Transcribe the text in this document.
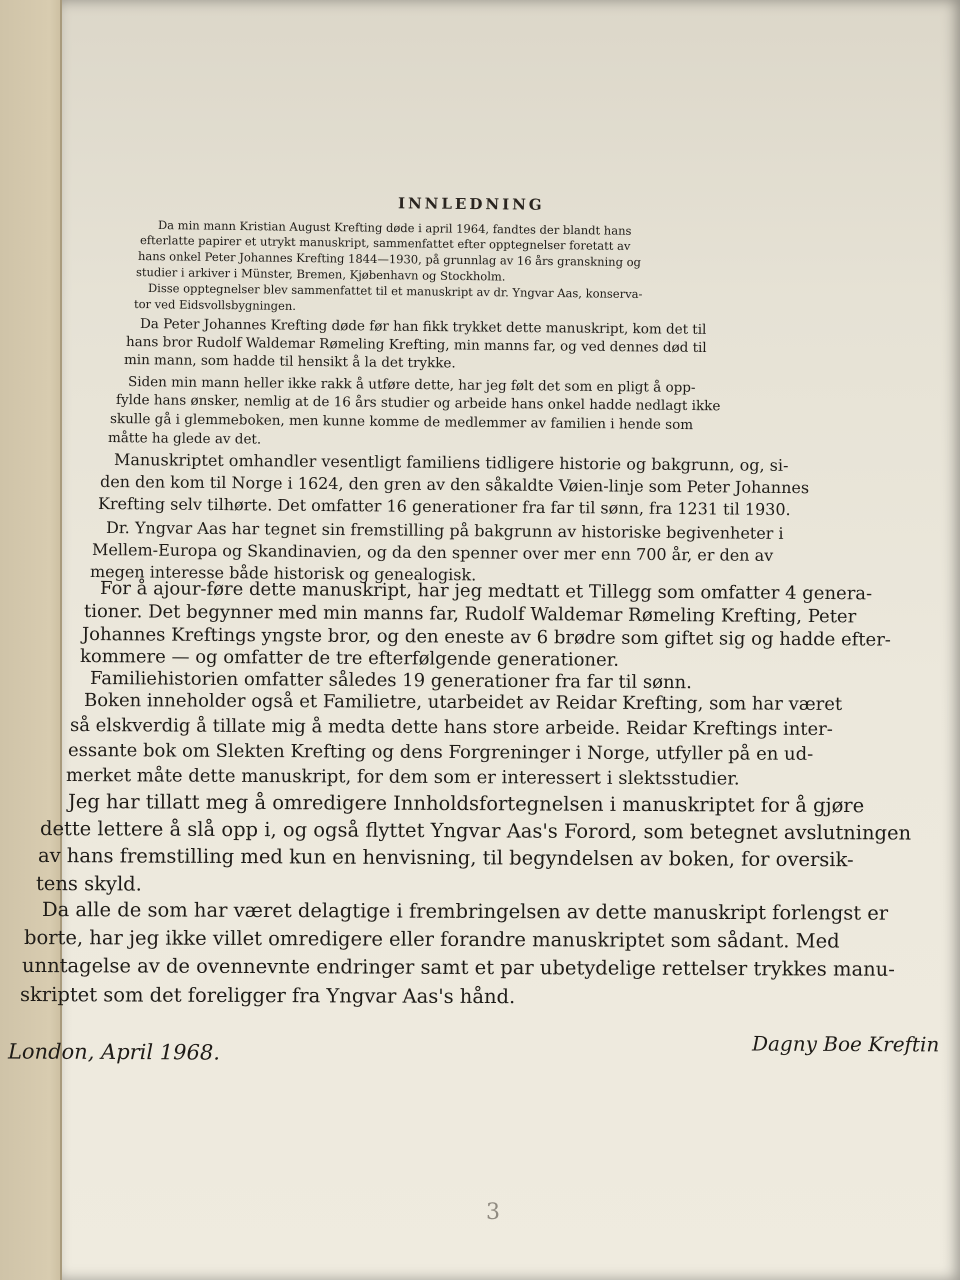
INNLEDNING
Da min mann Kristian August Krefting døde i april 1964, fandtes der blandt hans
efterlatte papirer et utrykt manuskript, sammenfattet efter opptegnelser foretatt av
hans onkel Peter Johannes Krefting 1844—1930, på grunnlag av 16 års granskning og
studier i arkiver i Münster, Bremen, Kjøbenhavn og Stockholm.
Disse opptegnelser blev sammenfattet til et manuskript av dr. Yngvar Aas, konserva-
tor ved Eidsvollsbygningen.
Da Peter Johannes Krefting døde før han fikk trykket dette manuskript, kom det til
hans bror Rudolf Waldemar Rømeling Krefting, min manns far, og ved dennes død til
min mann, som hadde til hensikt å la det trykke.
Siden min mann heller ikke rakk å utføre dette, har jeg følt det som en pligt å opp-
fylde hans ønsker, nemlig at de 16 års studier og arbeide hans onkel hadde nedlagt ikke
skulle gå i glemmeboken, men kunne komme de medlemmer av familien i hende som
måtte ha glede av det.
Manuskriptet omhandler vesentligt familiens tidligere historie og bakgrunn, og, si-
den den kom til Norge i 1624, den gren av den såkaldte Vøien-linje som Peter Johannes
Krefting selv tilhørte. Det omfatter 16 generationer fra far til sønn, fra 1231 til 1930.
Dr. Yngvar Aas har tegnet sin fremstilling på bakgrunn av historiske begivenheter i
Mellem-Europa og Skandinavien, og da den spenner over mer enn 700 år, er den av
megen interesse både historisk og genealogisk.
For å ajour-føre dette manuskript, har jeg medtatt et Tillegg som omfatter 4 genera-
tioner. Det begynner med min manns far, Rudolf Waldemar Rømeling Krefting, Peter
Johannes Kreftings yngste bror, og den eneste av 6 brødre som giftet sig og hadde efter-
kommere — og omfatter de tre efterfølgende generationer.
Familiehistorien omfatter således 19 generationer fra far til sønn.
Boken inneholder også et Familietre, utarbeidet av Reidar Krefting, som har været
så elskverdig å tillate mig å medta dette hans store arbeide. Reidar Kreftings inter-
essante bok om Slekten Krefting og dens Forgreninger i Norge, utfyller på en ud-
merket måte dette manuskript, for dem som er interessert i slektsstudier.
Jeg har tillatt meg å omredigere Innholdsfortegnelsen i manuskriptet for å gjøre
dette lettere å slå opp i, og også flyttet Yngvar Aas's Forord, som betegnet avslutningen
av hans fremstilling med kun en henvisning, til begyndelsen av boken, for oversik-
tens skyld.
Da alle de som har været delagtige i frembringelsen av dette manuskript forlengst er
borte, har jeg ikke villet omredigere eller forandre manuskriptet som sådant. Med
unntagelse av de ovennevnte endringer samt et par ubetydelige rettelser trykkes manu-
skriptet som det foreligger fra Yngvar Aas's hånd.
London, April 1968.	Dagny Boe Kreftin
3
